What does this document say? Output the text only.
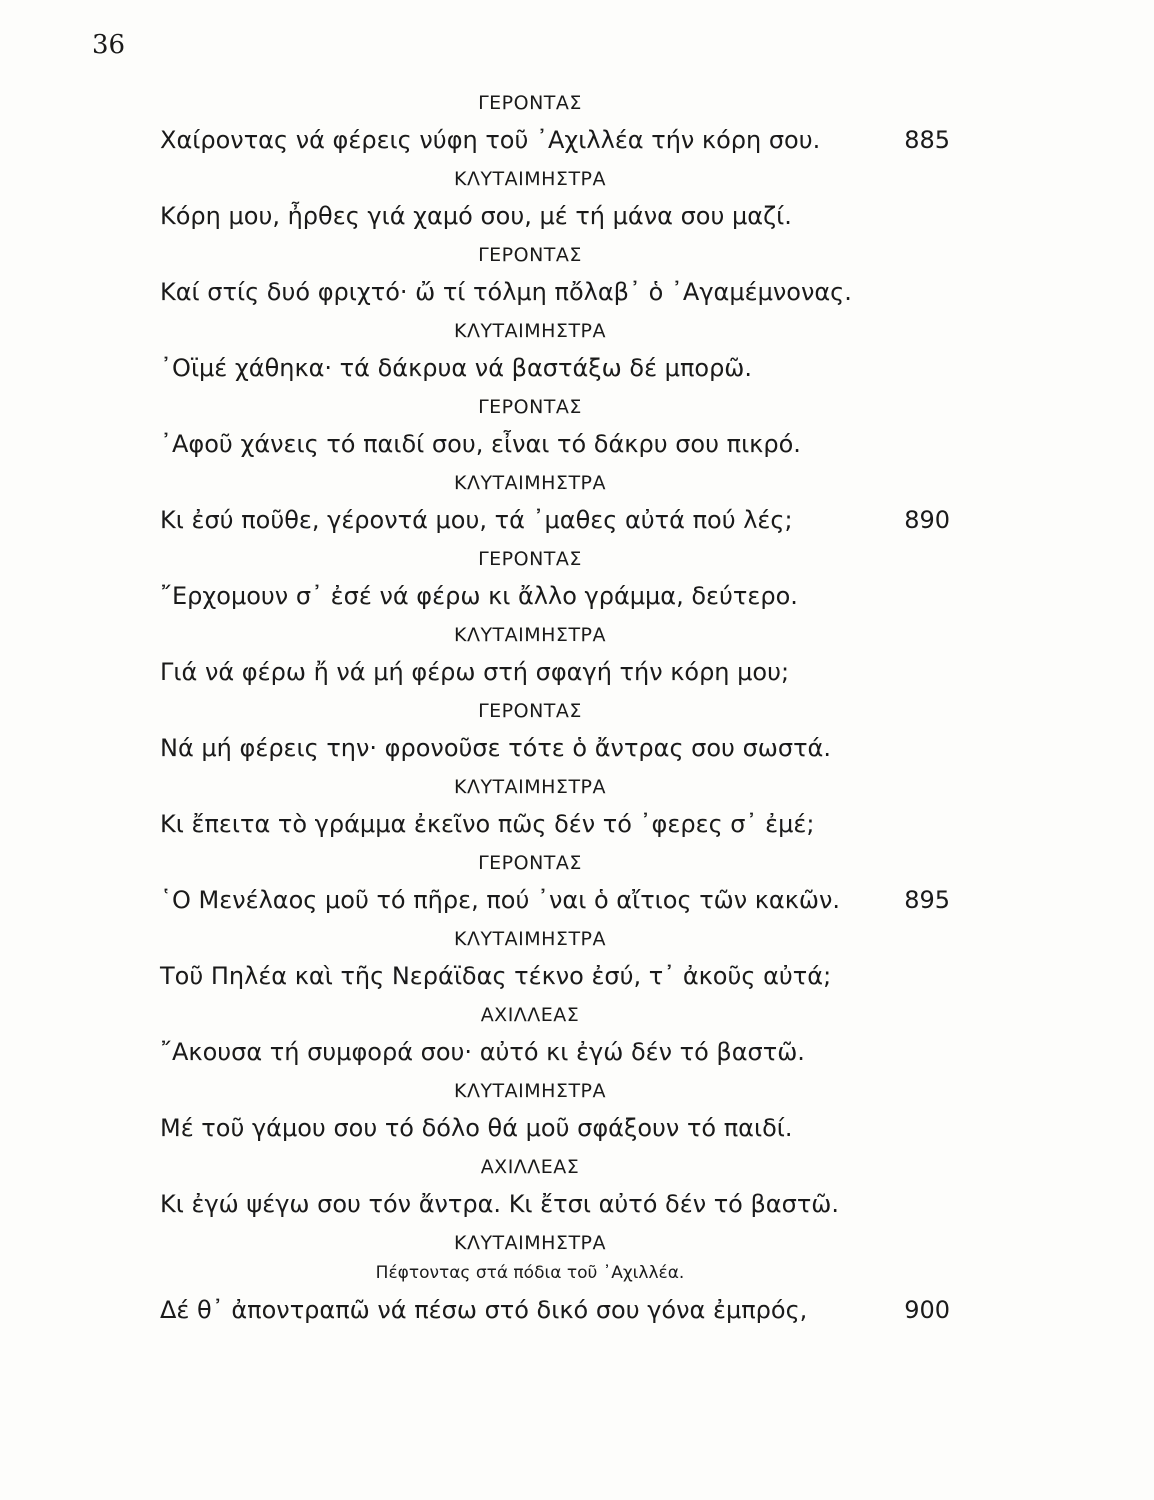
36
ΓΕΡΟΝΤΑΣ
Χαίροντας νά φέρεις νύφη τοῦ ᾿Αχιλλέα τήν κόρη σου.	885
ΚΛΥΤΑΙΜΗΣΤΡΑ
Κόρη μου, ἦρθες γιά χαμό σου, μέ τή μάνα σου μαζί.
ΓΕΡΟΝΤΑΣ
Καί στίς δυό φριχτό· ὤ τί τόλμη πὄλαβ᾿ ὁ ᾿Αγαμέμνονας.
ΚΛΥΤΑΙΜΗΣΤΡΑ
᾿Οϊμέ χάθηκα· τά δάκρυα νά βαστάξω δέ μπορῶ.
ΓΕΡΟΝΤΑΣ
᾿Αφοῦ χάνεις τό παιδί σου, εἶναι τό δάκρυ σου πικρό.
ΚΛΥΤΑΙΜΗΣΤΡΑ
Κι ἐσύ ποῦθε, γέροντά μου, τά ᾿μαθες αὐτά πού λές;	890
ΓΕΡΟΝΤΑΣ
῎Ερχομουν σ᾿ ἐσέ νά φέρω κι ἄλλο γράμμα, δεύτερο.
ΚΛΥΤΑΙΜΗΣΤΡΑ
Γιά νά φέρω ἤ νά μή φέρω στή σφαγή τήν κόρη μου;
ΓΕΡΟΝΤΑΣ
Νά μή φέρεις την· φρονοῦσε τότε ὁ ἄντρας σου σωστά.
ΚΛΥΤΑΙΜΗΣΤΡΑ
Κι ἔπειτα τὸ γράμμα ἐκεῖνο πῶς δέν τό ᾿φερες σ᾿ ἐμέ;
ΓΕΡΟΝΤΑΣ
῾Ο Μενέλαος μοῦ τό πῆρε, πού ᾿ναι ὁ αἴτιος τῶν κακῶν.	895
ΚΛΥΤΑΙΜΗΣΤΡΑ
Τοῦ Πηλέα καὶ τῆς Νεράϊδας τέκνο ἐσύ, τ᾿ ἀκοῦς αὐτά;
ΑΧΙΛΛΕΑΣ
῎Ακουσα τή συμφορά σου· αὐτό κι ἐγώ δέν τό βαστῶ.
ΚΛΥΤΑΙΜΗΣΤΡΑ
Μέ τοῦ γάμου σου τό δόλο θά μοῦ σφάξουν τό παιδί.
ΑΧΙΛΛΕΑΣ
Κι ἐγώ ψέγω σου τόν ἄντρα. Κι ἔτσι αὐτό δέν τό βαστῶ.
ΚΛΥΤΑΙΜΗΣΤΡΑ
Πέφτοντας στά πόδια τοῦ ᾿Αχιλλέα.
Δέ θ᾿ ἀποντραπῶ νά πέσω στό δικό σου γόνα ἐμπρός,	900
